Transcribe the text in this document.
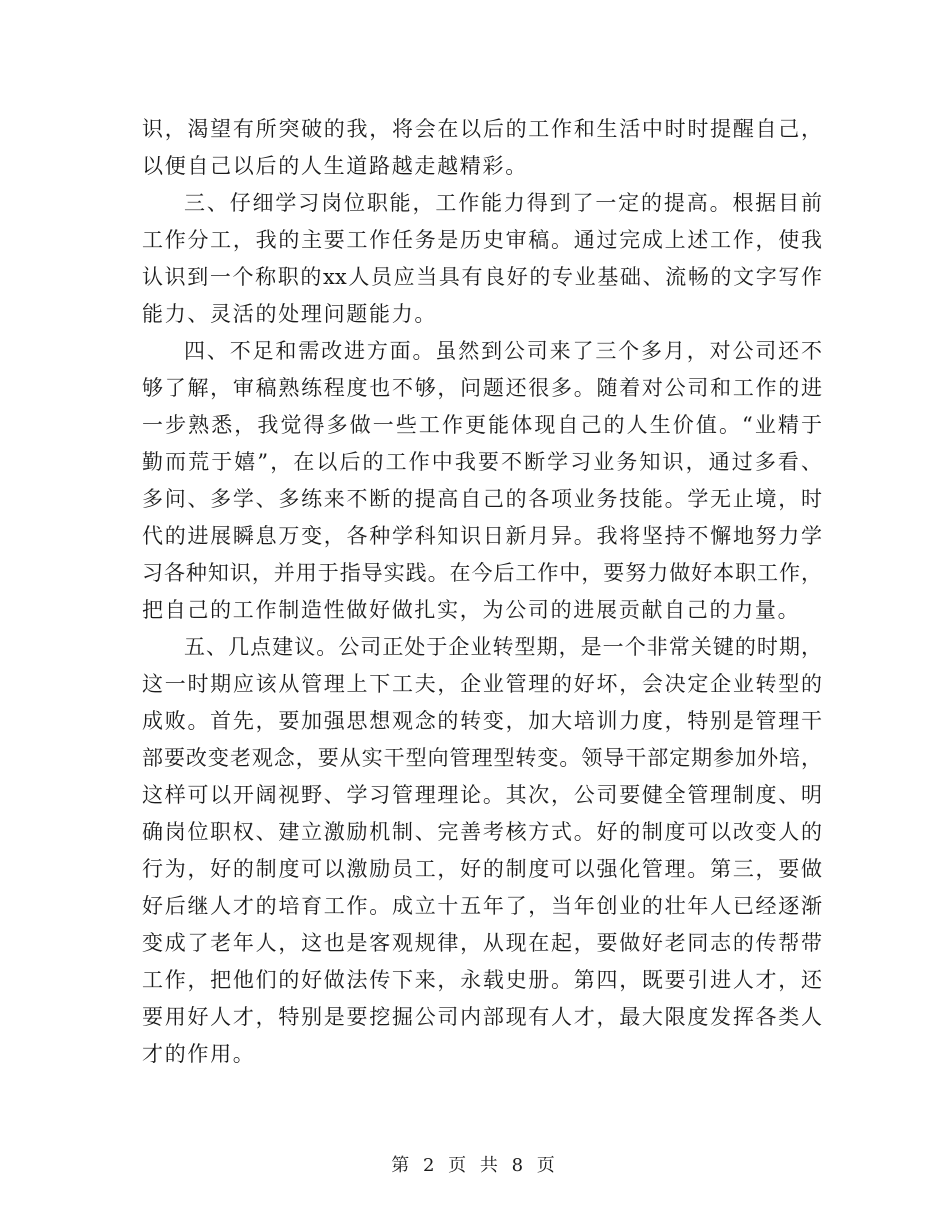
识，渴望有所突破的我，将会在以后的工作和生活中时时提醒自己，
以便自己以后的人生道路越走越精彩。
三、仔细学习岗位职能，工作能力得到了一定的提高。根据目前
工作分工，我的主要工作任务是历史审稿。通过完成上述工作，使我
认识到一个称职的xx人员应当具有良好的专业基础、流畅的文字写作
能力、灵活的处理问题能力。
四、不足和需改进方面。虽然到公司来了三个多月，对公司还不
够了解，审稿熟练程度也不够，问题还很多。随着对公司和工作的进
一步熟悉，我觉得多做一些工作更能体现自己的人生价值。“业精于
勤而荒于嬉”，在以后的工作中我要不断学习业务知识，通过多看、
多问、多学、多练来不断的提高自己的各项业务技能。学无止境，时
代的进展瞬息万变，各种学科知识日新月异。我将坚持不懈地努力学
习各种知识，并用于指导实践。在今后工作中，要努力做好本职工作，
把自己的工作制造性做好做扎实，为公司的进展贡献自己的力量。
五、几点建议。公司正处于企业转型期，是一个非常关键的时期，
这一时期应该从管理上下工夫，企业管理的好坏，会决定企业转型的
成败。首先，要加强思想观念的转变，加大培训力度，特别是管理干
部要改变老观念，要从实干型向管理型转变。领导干部定期参加外培，
这样可以开阔视野、学习管理理论。其次，公司要健全管理制度、明
确岗位职权、建立激励机制、完善考核方式。好的制度可以改变人的
行为，好的制度可以激励员工，好的制度可以强化管理。第三，要做
好后继人才的培育工作。成立十五年了，当年创业的壮年人已经逐渐
变成了老年人，这也是客观规律，从现在起，要做好老同志的传帮带
工作，把他们的好做法传下来，永载史册。第四，既要引进人才，还
要用好人才，特别是要挖掘公司内部现有人才，最大限度发挥各类人
才的作用。
第 2 页 共 8 页
